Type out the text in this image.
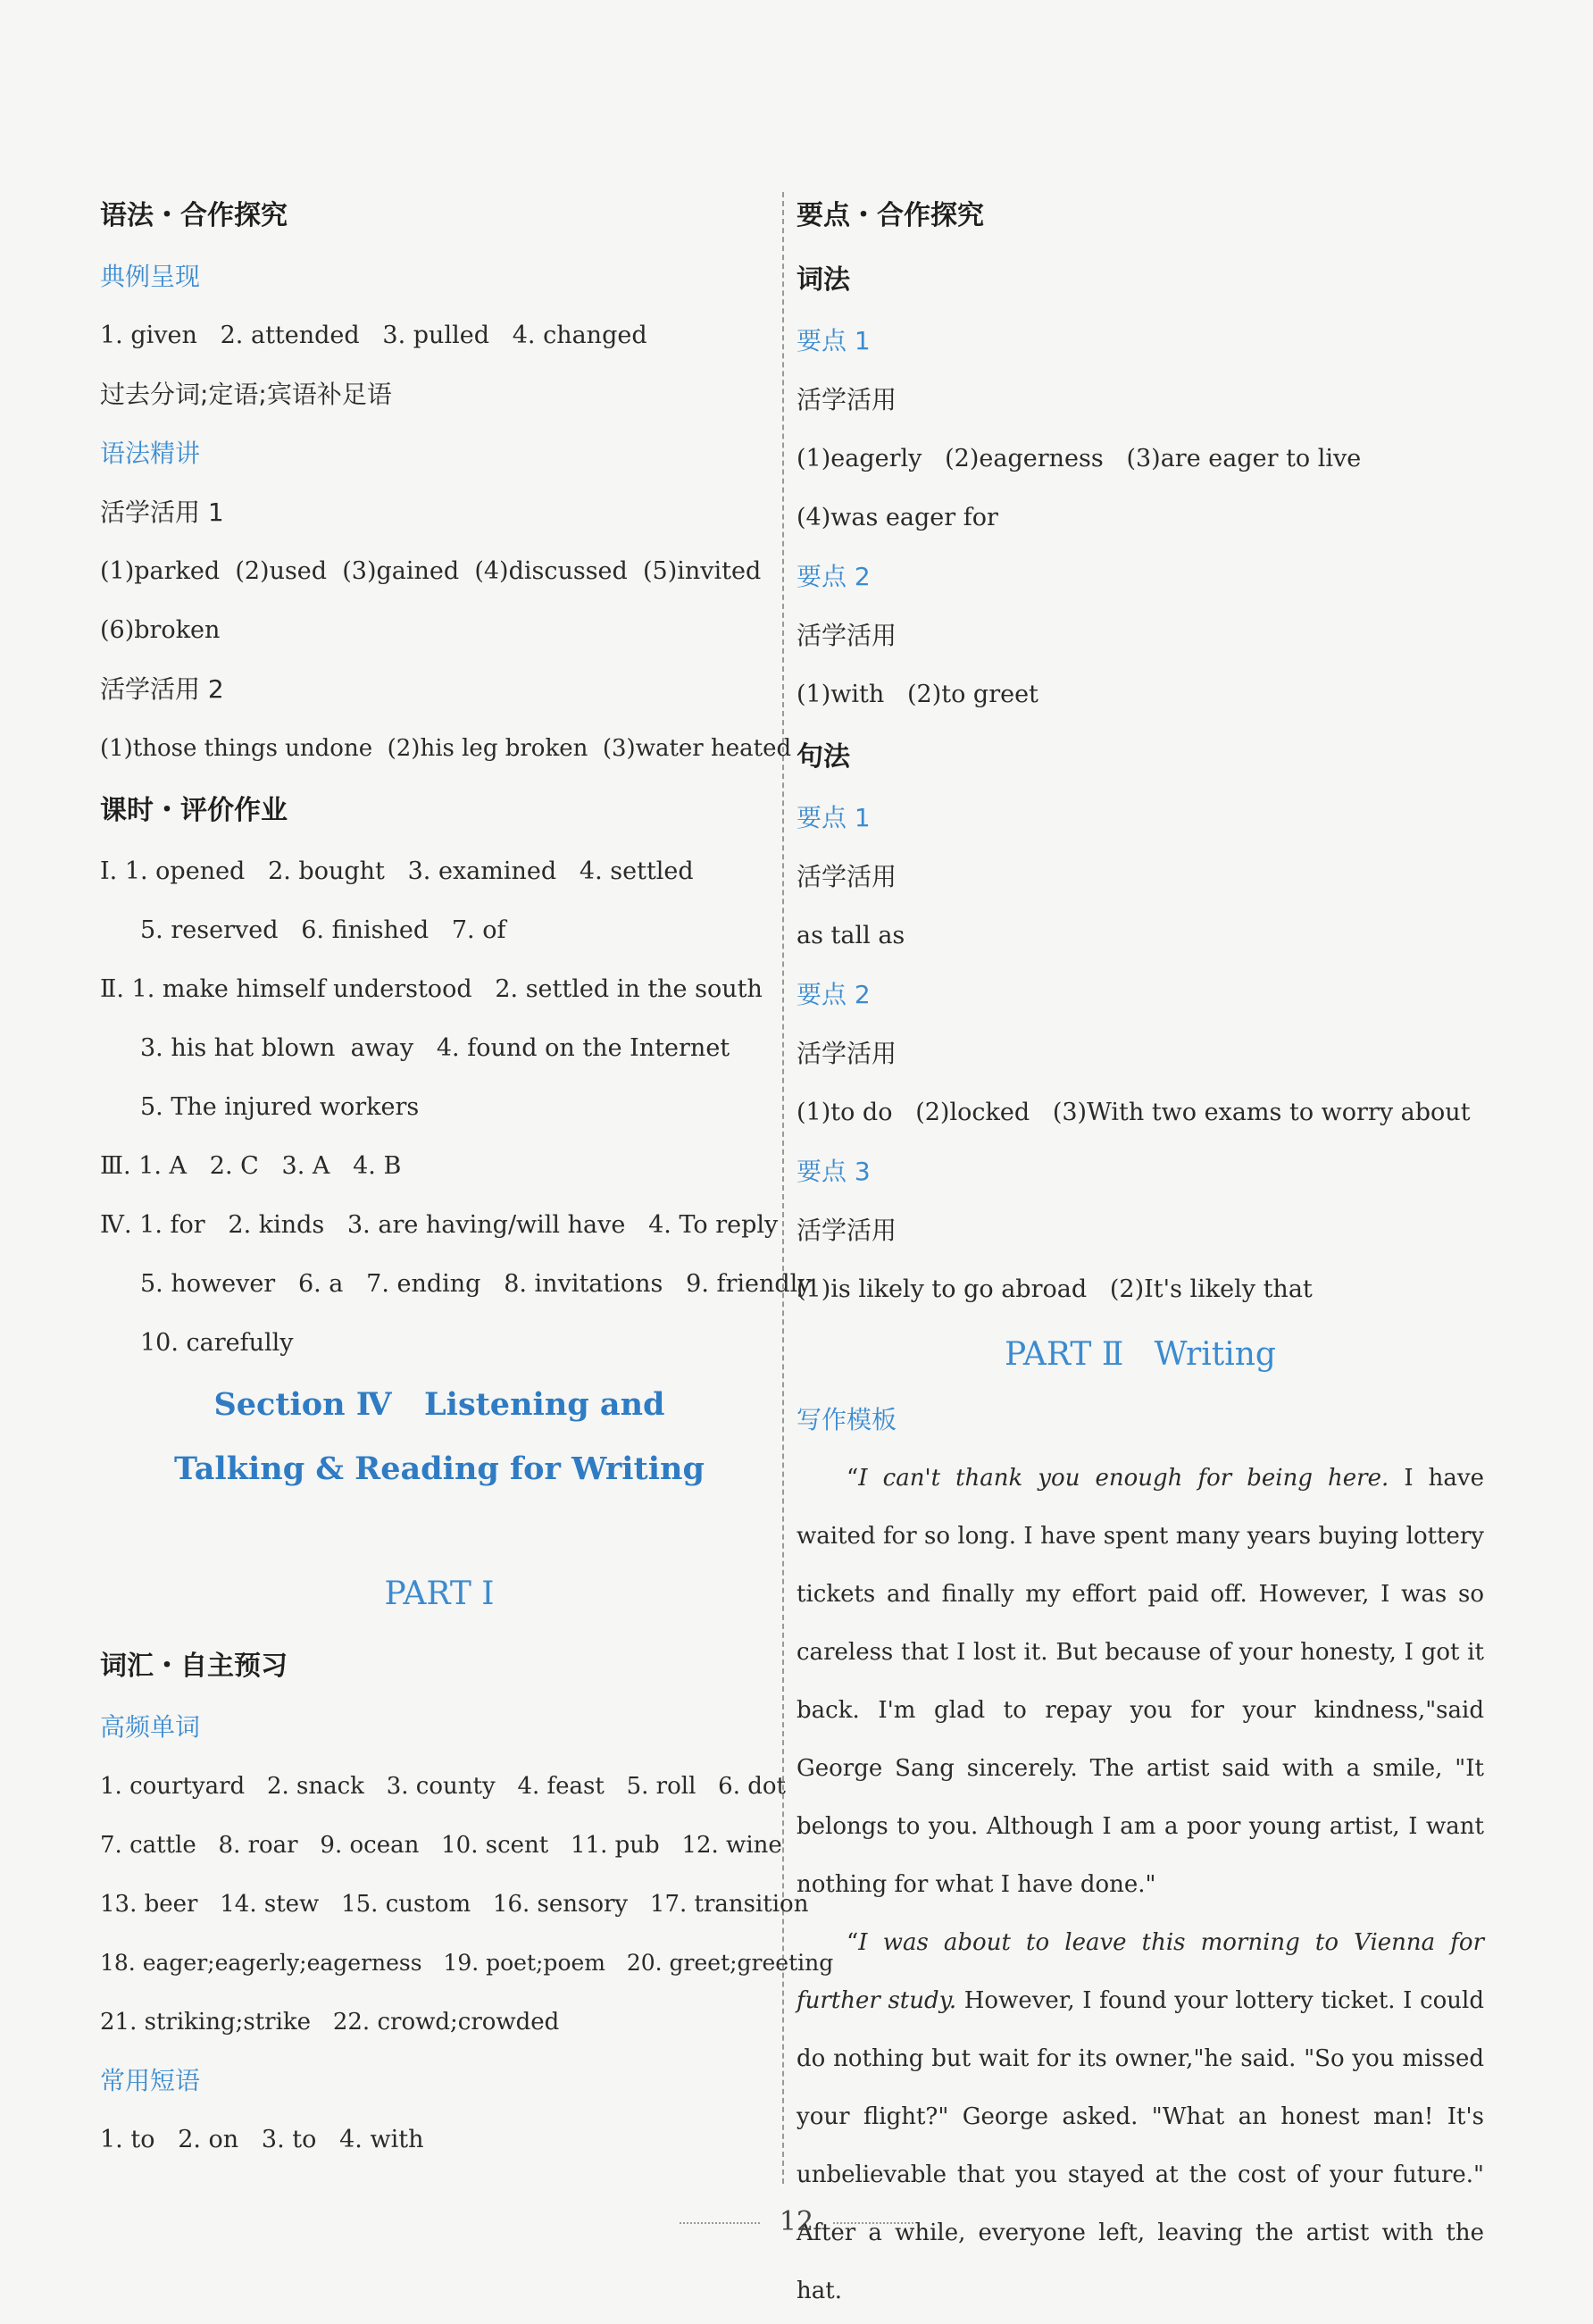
语法・合作探究
典例呈现
1. given   2. attended   3. pulled   4. changed
过去分词;定语;宾语补足语
语法精讲
活学活用 1
(1)parked  (2)used  (3)gained  (4)discussed  (5)invited
(6)broken
活学活用 2
(1)those things undone  (2)his leg broken  (3)water heated
课时・评价作业
Ⅰ. 1. opened   2. bought   3. examined   4. settled
5. reserved   6. finished   7. of
Ⅱ. 1. make himself understood   2. settled in the south
3. his hat blown  away   4. found on the Internet
5. The injured workers
Ⅲ. 1. A   2. C   3. A   4. B
Ⅳ. 1. for   2. kinds   3. are having/will have   4. To reply
5. however   6. a   7. ending   8. invitations   9. friendly
10. carefully
Section Ⅳ   Listening and
Talking & Reading for Writing
PART Ⅰ
词汇・自主预习
高频单词
1. courtyard   2. snack   3. county   4. feast   5. roll   6. dot
7. cattle   8. roar   9. ocean   10. scent   11. pub   12. wine
13. beer   14. stew   15. custom   16. sensory   17. transition
18. eager;eagerly;eagerness   19. poet;poem   20. greet;greeting
21. striking;strike   22. crowd;crowded
常用短语
1. to   2. on   3. to   4. with
要点・合作探究
词法
要点 1
活学活用
(1)eagerly   (2)eagerness   (3)are eager to live
(4)was eager for
要点 2
活学活用
(1)with   (2)to greet
句法
要点 1
活学活用
as tall as
要点 2
活学活用
(1)to do   (2)locked   (3)With two exams to worry about
要点 3
活学活用
(1)is likely to go abroad   (2)It's likely that
PART Ⅱ   Writing
写作模板
“I can't thank you enough for being here. I have waited for so long. I have spent many years buying lottery tickets and finally my effort paid off. However, I was so careless that I lost it. But because of your honesty, I got it back. I'm glad to repay you for your kindness,"said George Sang sincerely. The artist said with a smile, "It belongs to you. Although I am a poor young artist, I want nothing for what I have done."
“I was about to leave this morning to Vienna for further study. However, I found your lottery ticket. I could do nothing but wait for its owner,"he said. "So you missed your flight?" George asked. "What an honest man! It's unbelievable that you stayed at the cost of your future." After a while, everyone left, leaving the artist with the hat.
12
